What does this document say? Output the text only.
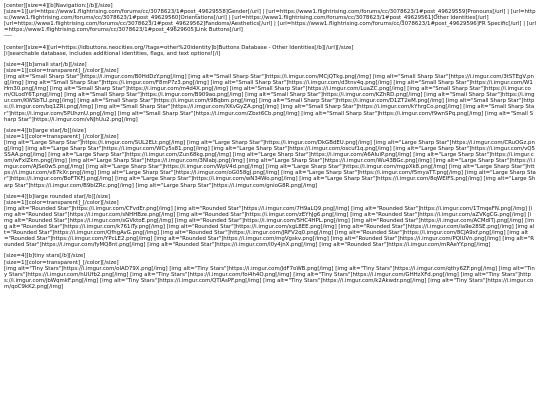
[center][size=4][b]Navigation:[/b][/size]
[size=1][url=https://www1.flightrising.com/forums/cc/3078623/1#post_49629558]Gender[/url] | [url=https://www1.flightrising.com/forums/cc/3078623/1#post_49629559]Pronouns[/url] | [url=https://www1.flightrising.com/forums/cc/3078623/1#post_49629560]Orientations[/url] | [url=https://www1.flightrising.com/forums/cc/3078623/1#post_49629561]Other Identities[/url]
[url=https://www1.flightrising.com/forums/cc/3078623/1#post_49629562]Fandoms/Aesthetics[/url] | [url=https://www1.flightrising.com/forums/cc/3078623/1#post_49629596]FR Specific[/url] | [url=https://www1.flightrising.com/forums/cc/3078623/1#post_49629605]Link Buttons[/url]
----

[center][size=4][url=https://idbuttons.neocities.org/?tags=other%20identity]b]Buttons Database - Other Identities[/b][/url][/size]
[i]searchable database, includes additional identities, flags, and text options![/i]

[size=4][b]small star[/b][/size]
[size=1][color=transparent]_[/color][/size]
[img alt="Small Sharp Star"]https://i.imgur.com/B0HdDzY.png[/img] [img alt="Small Sharp Star"]https://i.imgur.com/MCjQTkg.png[/img] [img alt="Small Sharp Star"]https://i.imgur.com/3tSTEgV.png[/img] [img alt="Small Sharp Star"]https://i.imgur.com/F8mP7z3.png[/img] [img alt="Small Sharp Star"]https://i.imgur.com/d3tnv4q.png[/img] [img alt="Small Sharp Star"]https://i.imgur.com/W1Hm30.png[/img] [img alt="Small Sharp Star"]https://i.imgur.com/m4d4X.png[/img] [img alt="Small Sharp Star"]https://i.imgur.com/LuaZC.png[/img] [img alt="Small Sharp Star"]https://i.imgur.com/OLodY6T.png[/img] [img alt="Small Sharp Star"]https://i.imgur.com/B909ao.png[/img] [img alt="Small Sharp Star"]https://i.imgur.com/KZhRD.png[/img] [img alt="Small Sharp Star"]https://i.imgur.com/KWSbTLl.png[/img] [img alt="Small Sharp Star"]https://i.imgur.com/t9Bqbm.png[/img] [img alt="Small Sharp Star"]https://i.imgur.com/D1ZT2eM.png[/img] [img alt="Small Sharp Star"]https://i.imgur.com/bq1ZRi.png[/img] [img alt="Small Sharp Star"]https://i.imgur.com/XKvGyZA.png[/img] [img alt="Small Sharp Star"]https://i.imgur.com/kYhrgCo.png[/img] [img alt="Small Sharp Star"]https://i.imgur.com/5PUhznU.png[/img] [img alt="Small Sharp Star"]https://i.imgur.com/Zbxt6Cb.png[/img] [img alt="Small Sharp Star"]https://i.imgur.com/f9wnSPq.png[/img] [img alt="Small Sharp Star"]https://i.imgur.com/vNJhUu2.png[/img]

[size=4][b]large star[/b][/size]
[size=1][color=transparent]_[/color][/size]
[img alt="Large Sharp Star"]https://i.imgur.com/SUL2ELt.png[/img] [img alt="Large Sharp Star"]https://i.imgur.com/DkGBdEU.png[/img] [img alt="Large Sharp Star"]https://i.imgur.com/CRuOGz.png[/img] [img alt="Large Sharp Star"]https://i.imgur.com/WCy5s81.png[/img] [img alt="Large Sharp Star"]https://i.imgur.com/oscuf1q.png[/img] [img alt="Large Sharp Star"]https://i.imgur.com/vQ5SSAA.png[/img] [img alt="Large Sharp Star"]https://i.imgur.com/Zun68kg.png[/img] [img alt="Large Sharp Star"]https://i.imgur.com/A6AIuiP.png[/img] [img alt="Large Sharp Star"]https://i.imgur.com/wFxIZkm.png[/img] [img alt="Large Sharp Star"]https://i.imgur.com/3NIabj.png[/img] [img alt="Large Sharp Star"]https://i.imgur.com/Wu43BGc.png[/img] [img alt="Large Sharp Star"]https://i.imgur.com/AJSe0w5.png[/img] [img alt="Large Sharp Star"]https://i.imgur.com/WpV4d.png[/img] [img alt="Large Sharp Star"]https://i.imgur.com/mgpXk8.png[/img] [img alt="Large Sharp Star"]https://i.imgur.com/v87kXr.png[/img] [img alt="Large Sharp Star"]https://i.imgur.com/oG058gJ.png[/img] [img alt="Large Sharp Star"]https://i.imgur.com/f5myaTT.png[/img] [img alt="Large Sharp Star"]https://i.imgur.com/BoFTKFJ.png[/img] [img alt="Large Sharp Star"]https://i.imgur.com/wN34Wo.png[/img] [img alt="Large Sharp Star"]https://i.imgur.com/8qWEIFS.png[/img] [img alt="Large Sharp Star"]https://i.imgur.com/B9blZRc.png[/img] [img alt="Large Sharp Star"]https://i.imgur.com/gnioG8R.png[/img]

[size=4][b]large rounded star[/b][/size]
[size=1][color=transparent]_[/color][/size]
[img alt="Rounded Star"]https://i.imgur.com/CFvdEr.png[/img] [img alt="Rounded Star"]https://i.imgur.com/7H9aLQ9.png[/img] [img alt="Rounded Star"]https://i.imgur.com/1TmqeFN.png[/img] [img alt="Rounded Star"]https://i.imgur.com/sNHHBze.png[/img] [img alt="Rounded Star"]https://i.imgur.com/zEYhJg6.png[/img] [img alt="Rounded Star"]https://i.imgur.com/aZVKgCG.png[/img] [img alt="Rounded Star"]https://i.imgur.com/sGVktoE.png[/img] [img alt="Rounded Star"]https://i.imgur.com/5HC4HPL.png[/img] [img alt="Rounded Star"]https://i.imgur.com/ACMdlTj.png[/img] [img alt="Rounded Star"]https://i.imgur.com/k761iTy.png[/img] [img alt="Rounded Star"]https://i.imgur.com/xgL8EE.png[/img] [img alt="Rounded Star"]https://i.imgur.com/ia9e28SE.png[/img] [img alt="Rounded Star"]https://i.imgur.com/QfhgAvG.png[/img] [img alt="Rounded Star"]https://i.imgur.com/JRFV2q0.png[/img] [img alt="Rounded Star"]https://i.imgur.com/8CJA9xf.png[/img] [img alt="Rounded Star"]https://i.imgur.com/YPcLE2.png[/img] [img alt="Rounded Star"]https://i.imgur.com/mgVgskv.png[/img] [img alt="Rounded Star"]https://i.imgur.com/PQlUVn.png[/img] [img alt="Rounded Star"]https://i.imgur.com/fyMQ8nt.png[/img] [img alt="Rounded Star"]https://i.imgur.com/l0y4jnX.png[/img] [img alt="Rounded Star"]https://i.imgur.com/mRAeYY.png[/img]

[size=4][b]tiny stars[/b][/size]
[size=1][color=transparent]_[/color][/size]
[img alt="Tiny Stars"]https://i.imgur.com/oIAD79X.png[/img] [img alt="Tiny Stars"]https://i.imgur.com/JdF7oWB.png[/img] [img alt="Tiny Stars"]https://i.imgur.com/qthy6ZF.png[/img] [img alt="Tiny Stars"]https://i.imgur.com/hUUfb2.png[/img] [img alt="Tiny Stars"]https://i.imgur.com/foi4h4O.png[/img] [img alt="Tiny Stars"]https://i.imgur.com/GHHzXFd.png[/img] [img alt="Tiny Stars"]https://i.imgur.com/jbWqmkF.png[/img] [img alt="Tiny Stars"]https://i.imgur.com/QTIAsPF.png[/img] [img alt="Tiny Stars"]https://i.imgur.com/k2Akwdr.png[/img] [img alt="Tiny Stars"]https://i.imgur.com/qoC9kK2.png[/img]
